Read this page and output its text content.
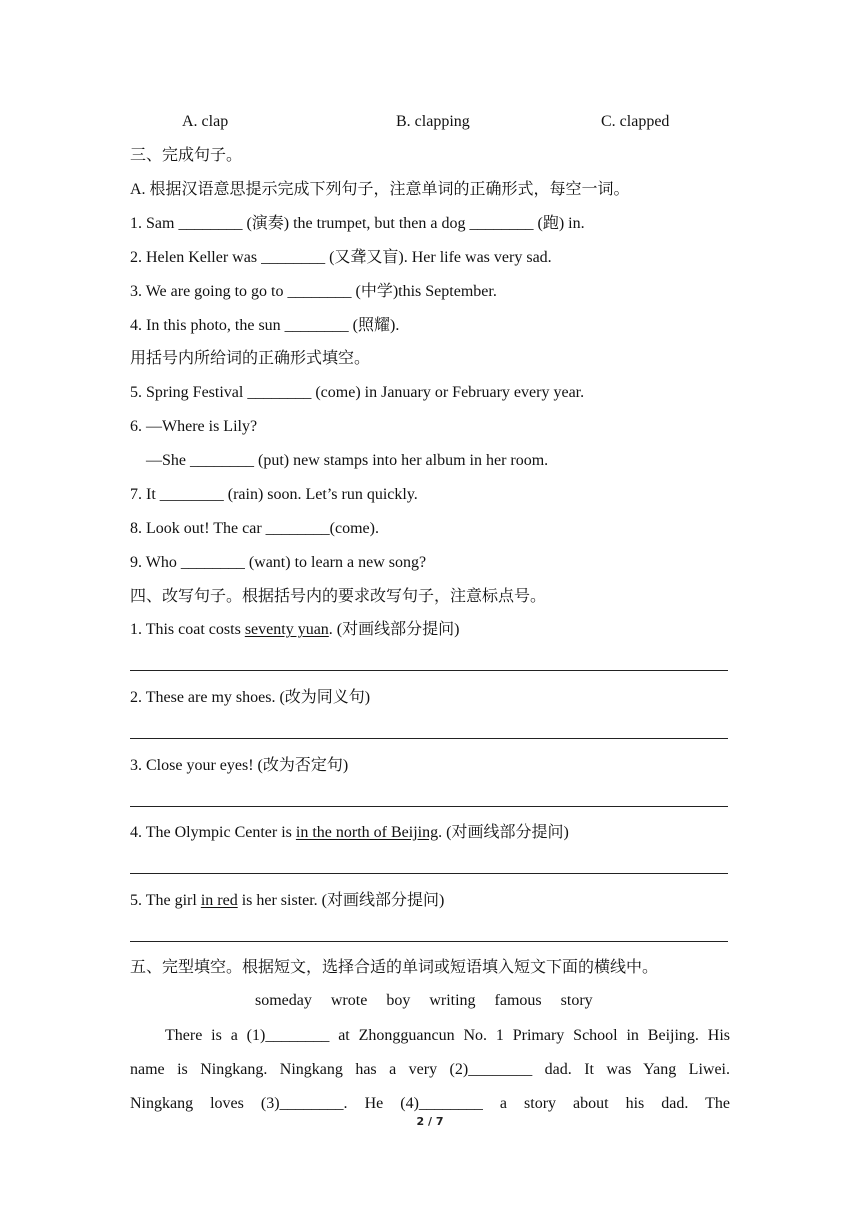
A. clap	B. clapping	C. clapped
三、完成句子。
A. 根据汉语意思提示完成下列句子，注意单词的正确形式，每空一词。
1. Sam ________ (演奏) the trumpet, but then a dog ________ (跑) in.
2. Helen Keller was ________ (又聋又盲). Her life was very sad.
3. We are going to go to ________ (中学)this September.
4. In this photo, the sun ________ (照耀).
用括号内所给词的正确形式填空。
5. Spring Festival ________ (come) in January or February every year.
6. —Where is Lily?
—She ________ (put) new stamps into her album in her room.
7. It ________ (rain) soon. Let’s run quickly.
8. Look out! The car ________(come).
9. Who ________ (want) to learn a new song?
四、改写句子。根据括号内的要求改写句子，注意标点号。
1. This coat costs seventy yuan. (对画线部分提问)
2. These are my shoes. (改为同义句)
3. Close your eyes! (改为否定句)
4. The Olympic Center is in the north of Beijing. (对画线部分提问)
5. The girl in red is her sister. (对画线部分提问)
五、完型填空。根据短文，选择合适的单词或短语填入短文下面的横线中。
someday wrote boy writing famous story
There is a (1)________ at Zhongguancun No. 1 Primary School in Beijing. His
name is Ningkang. Ningkang has a very (2)________ dad. It was Yang Liwei.
Ningkang loves (3)________. He (4)________ a story about his dad. The
2 / 7
